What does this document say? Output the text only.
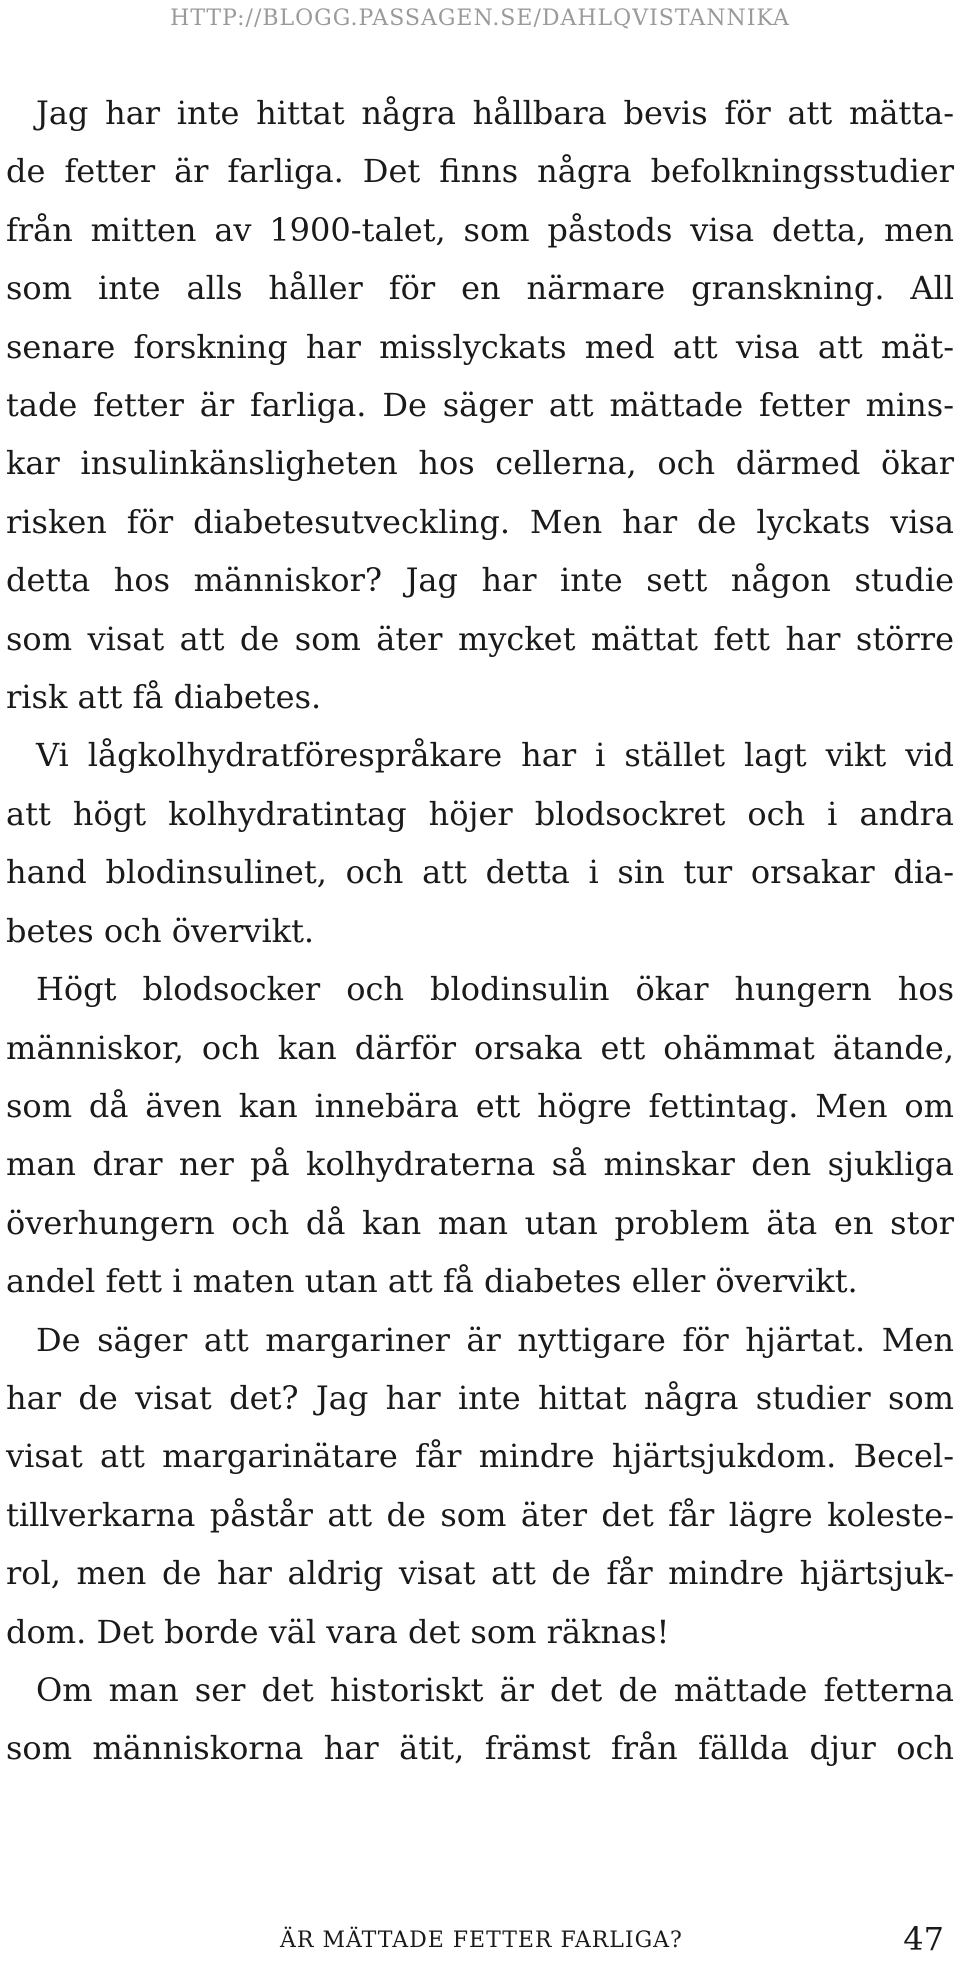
HTTP://BLOGG.PASSAGEN.SE/DAHLQVISTANNIKA
Jag har inte hittat några hållbara bevis för att mätta-
de fetter är farliga. Det finns några befolkningsstudier
från mitten av 1900-talet, som påstods visa detta, men
som inte alls håller för en närmare granskning. All
senare forskning har misslyckats med att visa att mät-
tade fetter är farliga. De säger att mättade fetter mins-
kar insulinkänsligheten hos cellerna, och därmed ökar
risken för diabetesutveckling. Men har de lyckats visa
detta hos människor? Jag har inte sett någon studie
som visat att de som äter mycket mättat fett har större
risk att få diabetes.
Vi lågkolhydratförespråkare har i stället lagt vikt vid
att högt kolhydratintag höjer blodsockret och i andra
hand blodinsulinet, och att detta i sin tur orsakar dia-
betes och övervikt.
Högt blodsocker och blodinsulin ökar hungern hos
människor, och kan därför orsaka ett ohämmat ätande,
som då även kan innebära ett högre fettintag. Men om
man drar ner på kolhydraterna så minskar den sjukliga
överhungern och då kan man utan problem äta en stor
andel fett i maten utan att få diabetes eller övervikt.
De säger att margariner är nyttigare för hjärtat. Men
har de visat det? Jag har inte hittat några studier som
visat att margarinätare får mindre hjärtsjukdom. Becel-
tillverkarna påstår att de som äter det får lägre koleste-
rol, men de har aldrig visat att de får mindre hjärtsjuk-
dom. Det borde väl vara det som räknas!
Om man ser det historiskt är det de mättade fetterna
som människorna har ätit, främst från fällda djur och
ÄR MÄTTADE FETTER FARLIGA?	47
